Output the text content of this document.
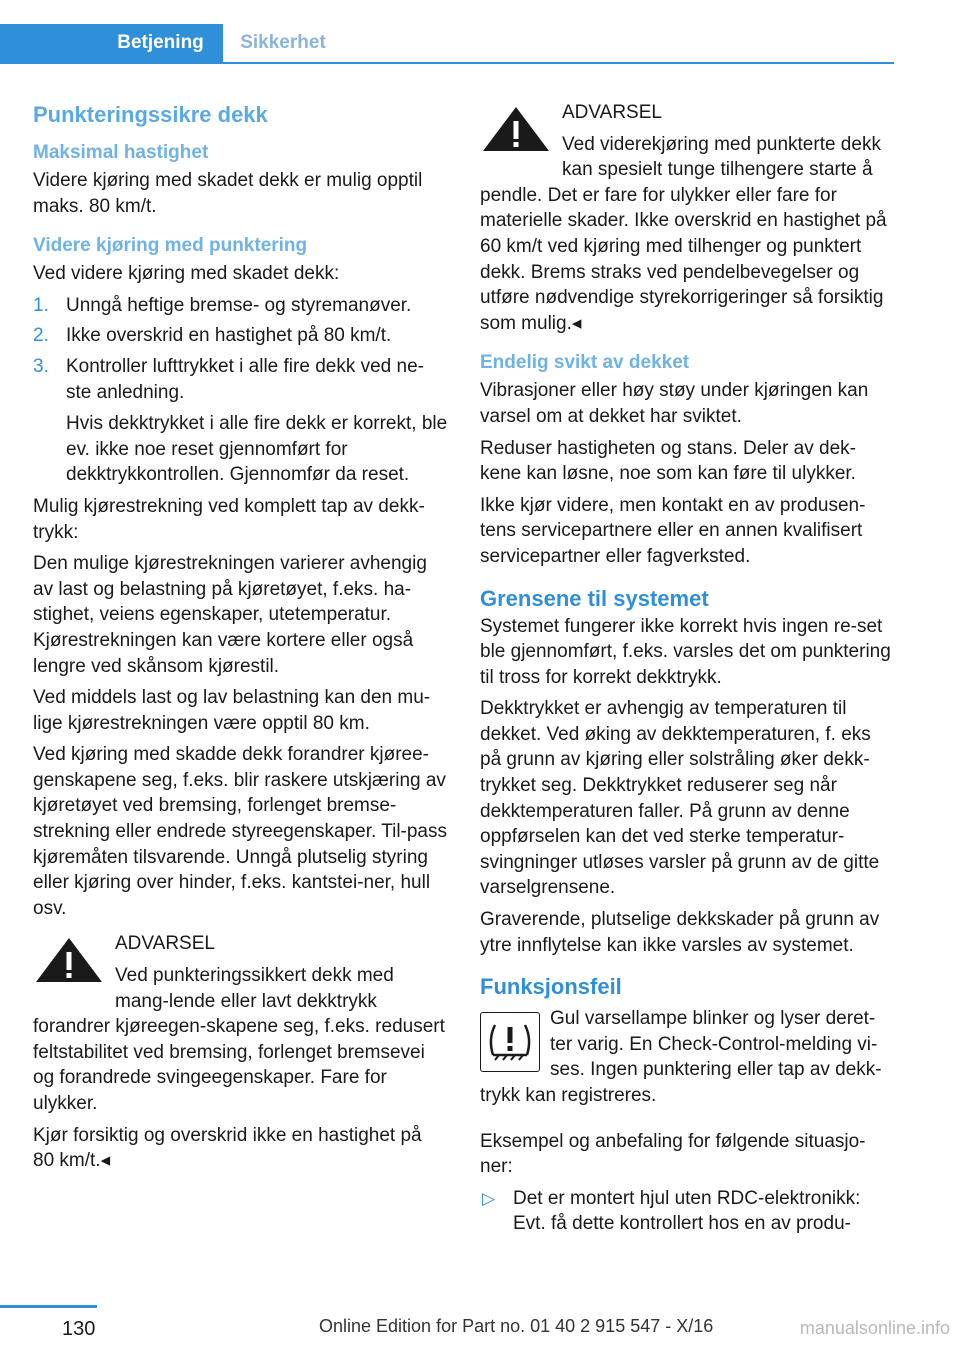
Betjening	Sikkerhet
Punkteringssikre dekk
Maksimal hastighet

Videre kjøring med skadet dekk er mulig opptil maks. 80 km/t.

Videre kjøring med punktering

Ved videre kjøring med skadet dekk:

1. Unngå heftige bremse- og styremanøver.

2. Ikke overskrid en hastighet på 80 km/t.

3. Kontroller lufttrykket i alle fire dekk ved ne-ste anledning.

Hvis dekktrykket i alle fire dekk er korrekt, ble ev. ikke noe reset gjennomført for dekktrykkontrollen. Gjennomfør da reset.

Mulig kjørestrekning ved komplett tap av dekk-trykk:

Den mulige kjørestrekningen varierer avhengig av last og belastning på kjøretøyet, f.eks. ha-stighet, veiens egenskaper, utetemperatur. Kjørestrekningen kan være kortere eller også lengre ved skånsom kjørestil.

Ved middels last og lav belastning kan den mu-lige kjørestrekningen være opptil 80 km.

Ved kjøring med skadde dekk forandrer kjøree-genskapene seg, f.eks. blir raskere utskjæring av kjøretøyet ved bremsing, forlenget bremse-strekning eller endrede styreegenskaper. Til-pass kjøremåten tilsvarende. Unngå plutselig styring eller kjøring over hinder, f.eks. kantstei-ner, hull osv.

ADVARSEL

Ved punkteringssikkert dekk med mang-lende eller lavt dekktrykk forandrer kjøreegen-skapene seg, f.eks. redusert feltstabilitet ved bremsing, forlenget bremsevei og forandrede svingeegenskaper. Fare for ulykker.

Kjør forsiktig og overskrid ikke en hastighet på 80 km/t.◂

ADVARSEL

Ved viderekjøring med punkterte dekk kan spesielt tunge tilhengere starte å pendle. Det er fare for ulykker eller fare for materielle skader. Ikke overskrid en hastighet på 60 km/t ved kjøring med tilhenger og punktert dekk. Brems straks ved pendelbevegelser og utføre nødvendige styrekorrigeringer så forsiktig som mulig.◂

Endelig svikt av dekket

Vibrasjoner eller høy støy under kjøringen kan varsel om at dekket har sviktet.

Reduser hastigheten og stans. Deler av dek-kene kan løsne, noe som kan føre til ulykker.

Ikke kjør videre, men kontakt en av produsen-tens servicepartnere eller en annen kvalifisert servicepartner eller fagverksted.

Grensene til systemet

Systemet fungerer ikke korrekt hvis ingen re-set ble gjennomført, f.eks. varsles det om punktering til tross for korrekt dekktrykk.

Dekktrykket er avhengig av temperaturen til dekket. Ved øking av dekktemperaturen, f. eks på grunn av kjøring eller solstråling øker dekk-trykket seg. Dekktrykket reduserer seg når dekktemperaturen faller. På grunn av denne oppførselen kan det ved sterke temperatur-svingninger utløses varsler på grunn av de gitte varselgrensene.

Graverende, plutselige dekkskader på grunn av ytre innflytelse kan ikke varsles av systemet.

Funksjonsfeil

Gul varsellampe blinker og lyser deret-ter varig. En Check-Control-melding vi-ses. Ingen punktering eller tap av dekk-trykk kan registreres.

Eksempel og anbefaling for følgende situasjo-ner:

▷ Det er montert hjul uten RDC-elektronikk: Evt. få dette kontrollert hos en av produ-
130	Online Edition for Part no. 01 40 2 915 547 - X/16	manualsonline.info
